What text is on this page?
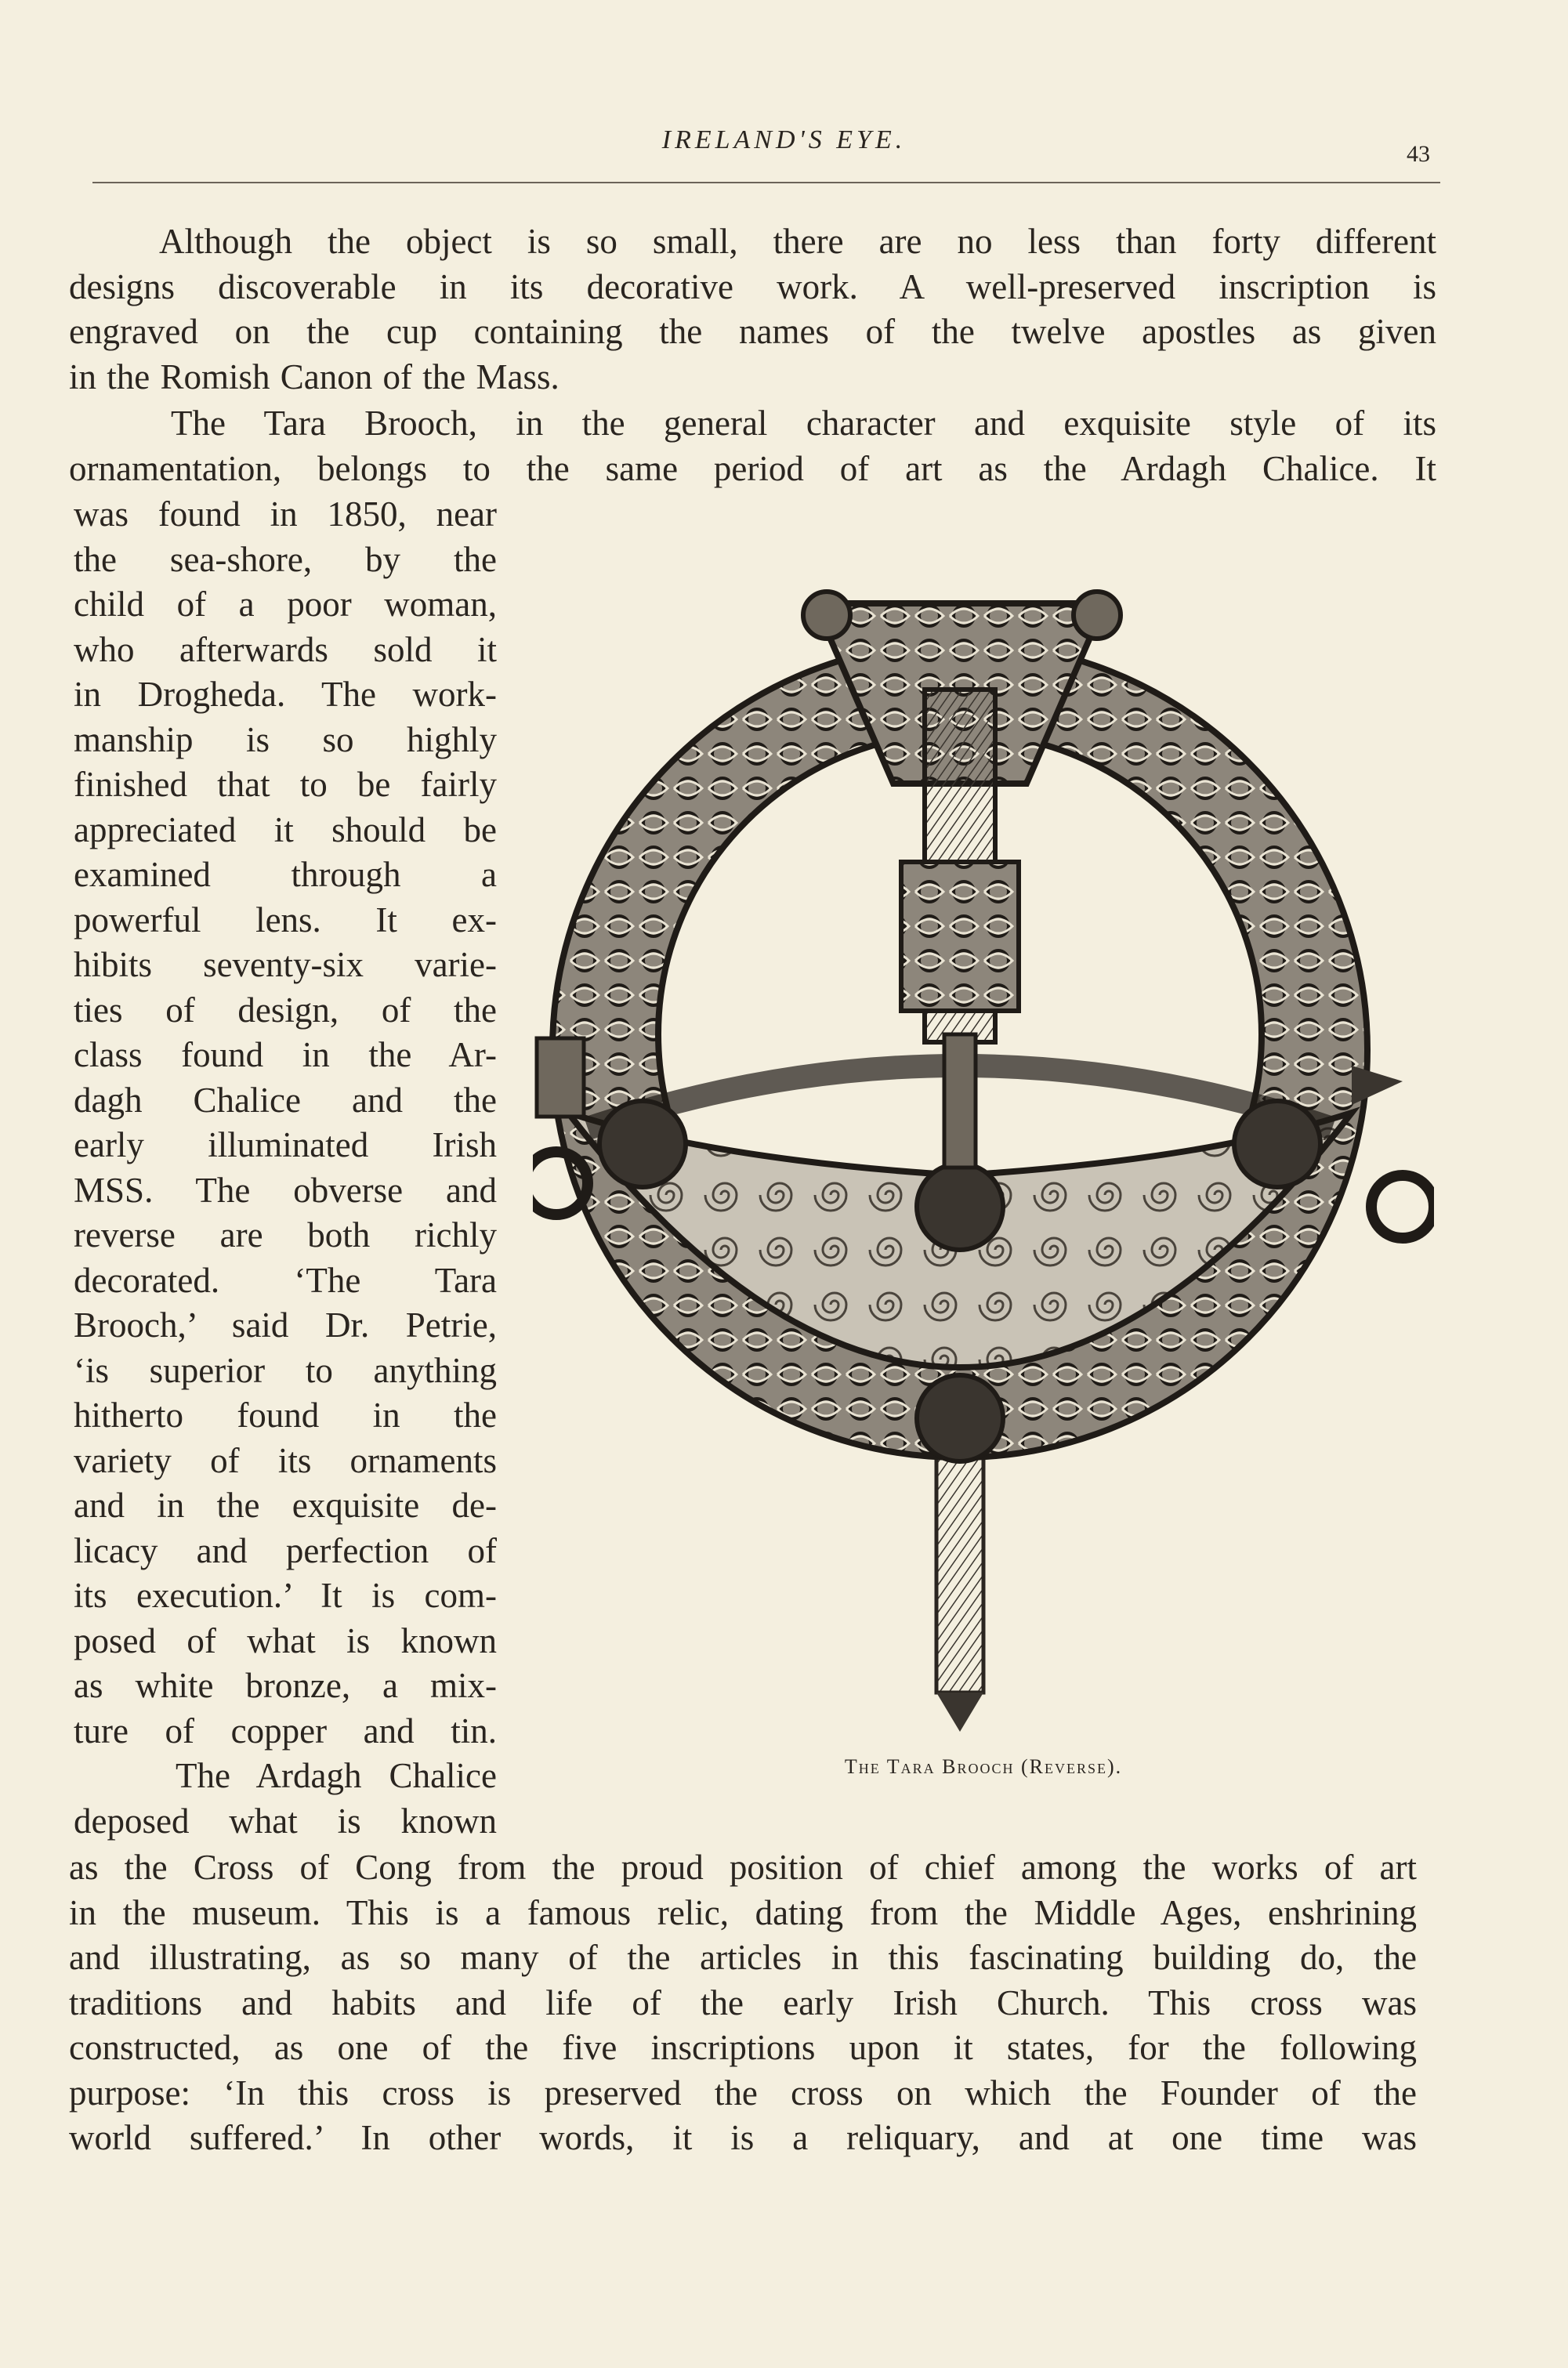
IRELAND'S EYE.	43
Although the object is so small, there are no less than forty different
designs discoverable in its decorative work. A well-preserved inscription is
engraved on the cup containing the names of the twelve apostles as given
in the Romish Canon of the Mass.
The Tara Brooch, in the general character and exquisite style of its
ornamentation, belongs to the same period of art as the Ardagh Chalice. It
was found in 1850, near
the sea-shore, by the
child of a poor woman,
who afterwards sold it
in Drogheda. The work-
manship is so highly
finished that to be fairly
appreciated it should be
examined through a
powerful lens. It ex-
hibits seventy-six varie-
ties of design, of the
class found in the Ar-
dagh Chalice and the
early illuminated Irish
MSS. The obverse and
reverse are both richly
decorated. ‘The Tara
Brooch,’ said Dr. Petrie,
‘is superior to anything
hitherto found in the
variety of its ornaments
and in the exquisite de-
licacy and perfection of
its execution.’ It is com-
posed of what is known
as white bronze, a mix-
ture of copper and tin.
The Ardagh Chalice
deposed what is known
The Tara Brooch (Reverse).
as the Cross of Cong from the proud position of chief among the works of art
in the museum. This is a famous relic, dating from the Middle Ages, enshrining
and illustrating, as so many of the articles in this fascinating building do, the
traditions and habits and life of the early Irish Church. This cross was
constructed, as one of the five inscriptions upon it states, for the following
purpose: ‘In this cross is preserved the cross on which the Founder of the
world suffered.’ In other words, it is a reliquary, and at one time was
